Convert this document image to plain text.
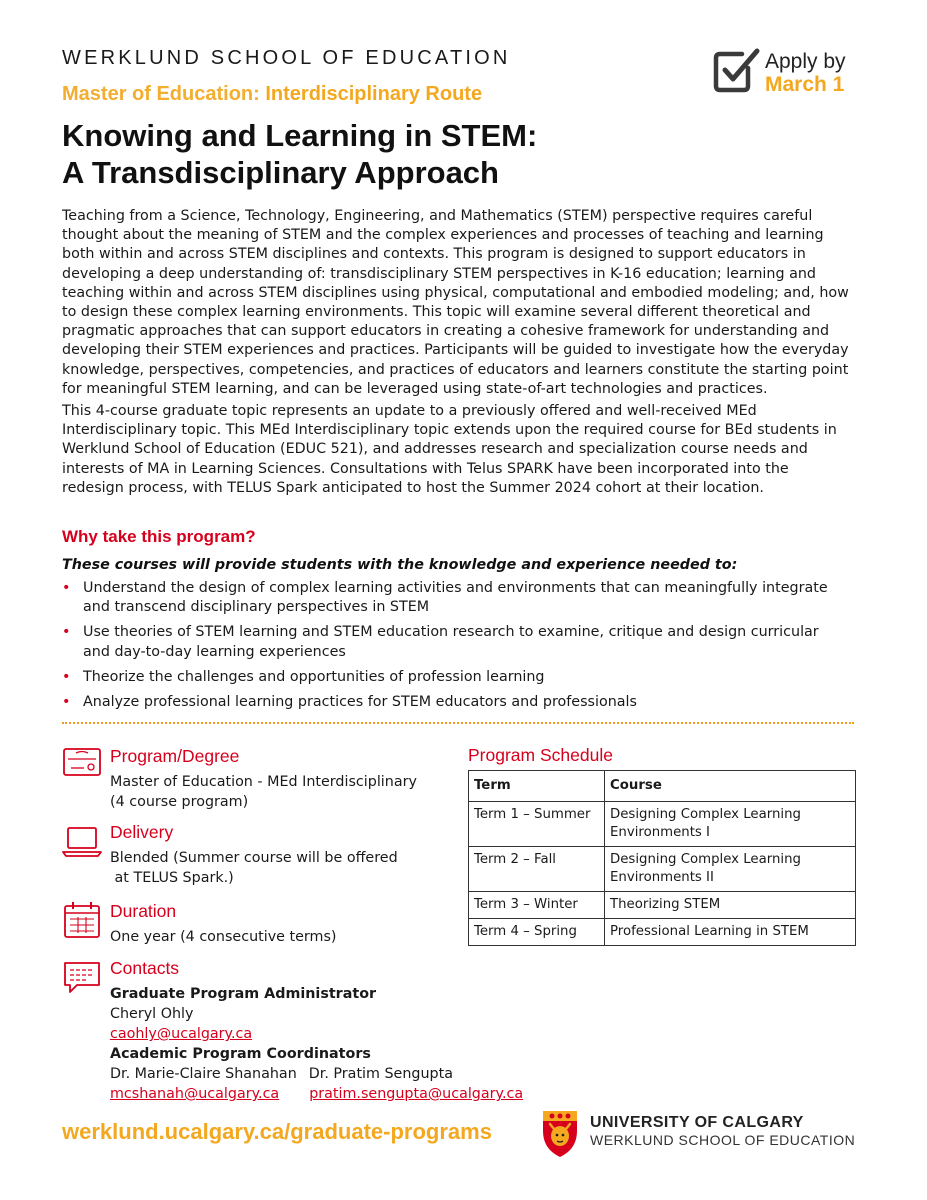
WERKLUND SCHOOL OF EDUCATION
Master of Education: Interdisciplinary Route
Knowing and Learning in STEM:
A Transdisciplinary Approach
Apply by
March 1

Teaching from a Science, Technology, Engineering, and Mathematics (STEM) perspective requires careful thought about the meaning of STEM and the complex experiences and processes of teaching and learning both within and across STEM disciplines and contexts. This program is designed to support educators in developing a deep understanding of: transdisciplinary STEM perspectives in K-16 education; learning and teaching within and across STEM disciplines using physical, computational and embodied modeling; and, how to design these complex learning environments. This topic will examine several different theoretical and pragmatic approaches that can support educators in creating a cohesive framework for understanding and developing their STEM experiences and practices. Participants will be guided to investigate how the everyday knowledge, perspectives, competencies, and practices of educators and learners constitute the starting point for meaningful STEM learning, and can be leveraged using state-of-art technologies and practices.

This 4-course graduate topic represents an update to a previously offered and well-received MEd Interdisciplinary topic. This MEd Interdisciplinary topic extends upon the required course for BEd students in Werklund School of Education (EDUC 521), and addresses research and specialization course needs and interests of MA in Learning Sciences. Consultations with Telus SPARK have been incorporated into the redesign process, with TELUS Spark anticipated to host the Summer 2024 cohort at their location.

Why take this program?
These courses will provide students with the knowledge and experience needed to:
• Understand the design of complex learning activities and environments that can meaningfully integrate and transcend disciplinary perspectives in STEM
• Use theories of STEM learning and STEM education research to examine, critique and design curricular and day-to-day learning experiences
• Theorize the challenges and opportunities of profession learning
• Analyze professional learning practices for STEM educators and professionals
Program/Degree
Master of Education - MEd Interdisciplinary
(4 course program)
Delivery
Blended (Summer course will be offered
at TELUS Spark.)
Duration
One year (4 consecutive terms)
Contacts
Graduate Program Administrator
Cheryl Ohly
caohly@ucalgary.ca
Academic Program Coordinators
Dr. Marie-Claire Shanahan Dr. Pratim Sengupta
mcshanah@ucalgary.ca pratim.sengupta@ucalgary.ca
Program Schedule
Term	Course
Term 1 – Summer	Designing Complex Learning Environments I
Term 2 – Fall	Designing Complex Learning Environments II
Term 3 – Winter	Theorizing STEM
Term 4 – Spring	Professional Learning in STEM
werklund.ucalgary.ca/graduate-programs	UNIVERSITY OF CALGARY
WERKLUND SCHOOL OF EDUCATION
